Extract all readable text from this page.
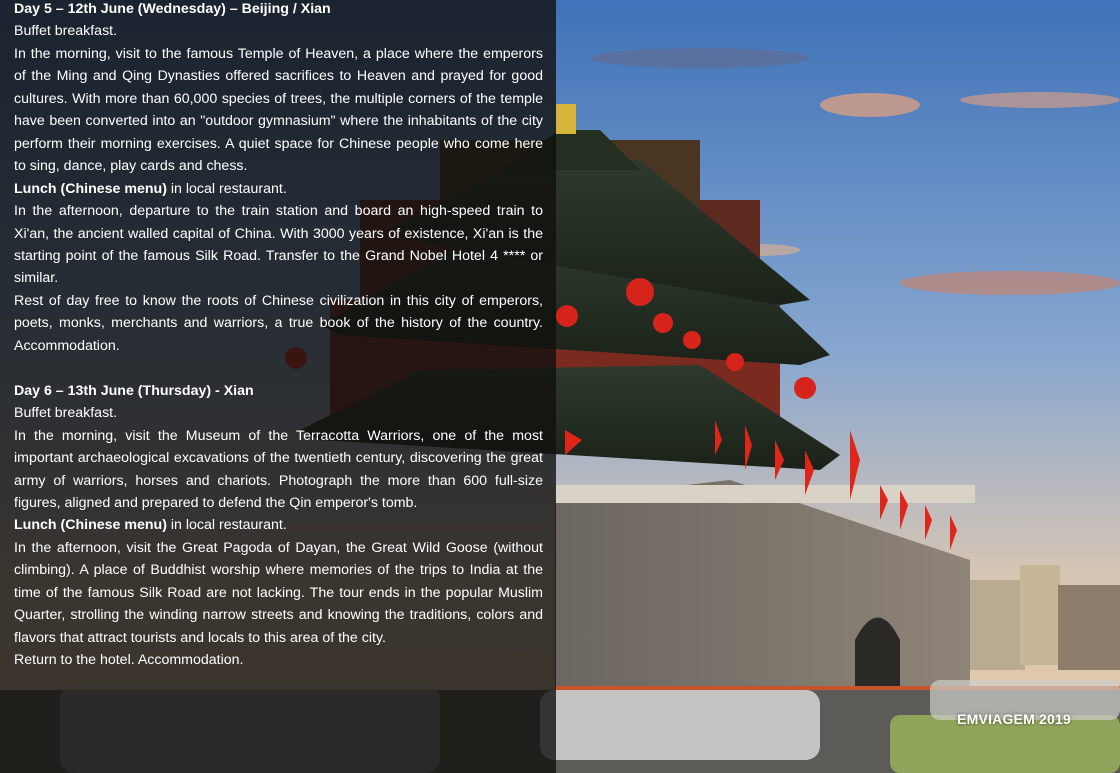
Day 5 – 12th June (Wednesday) – Beijing / Xian

Buffet breakfast.

In the morning, visit to the famous Temple of Heaven, a place where the emperors of the Ming and Qing Dynasties offered sacrifices to Heaven and prayed for good cultures. With more than 60,000 species of trees, the multiple corners of the temple have been converted into an "outdoor gymnasium" where the inhabitants of the city perform their morning exercises. A quiet space for Chinese people who come here to sing, dance, play cards and chess.

Lunch (Chinese menu) in local restaurant.

In the afternoon, departure to the train station and board an high-speed train to Xi'an, the ancient walled capital of China. With 3000 years of existence, Xi'an is the starting point of the famous Silk Road. Transfer to the Grand Nobel Hotel 4 **** or similar.

Rest of day free to know the roots of Chinese civilization in this city of emperors, poets, monks, merchants and warriors, a true book of the history of the country. Accommodation.

Day 6 – 13th June (Thursday) - Xian

Buffet breakfast.

In the morning, visit the Museum of the Terracotta Warriors, one of the most important archaeological excavations of the twentieth century, discovering the great army of warriors, horses and chariots. Photograph the more than 600 full-size figures, aligned and prepared to defend the Qin emperor's tomb.

Lunch (Chinese menu) in local restaurant.

In the afternoon, visit the Great Pagoda of Dayan, the Great Wild Goose (without climbing). A place of Buddhist worship where memories of the trips to India at the time of the famous Silk Road are not lacking. The tour ends in the popular Muslim Quarter, strolling the winding narrow streets and knowing the traditions, colors and flavors that attract tourists and locals to this area of the city.

Return to the hotel. Accommodation.

EMVIAGEM 2019
